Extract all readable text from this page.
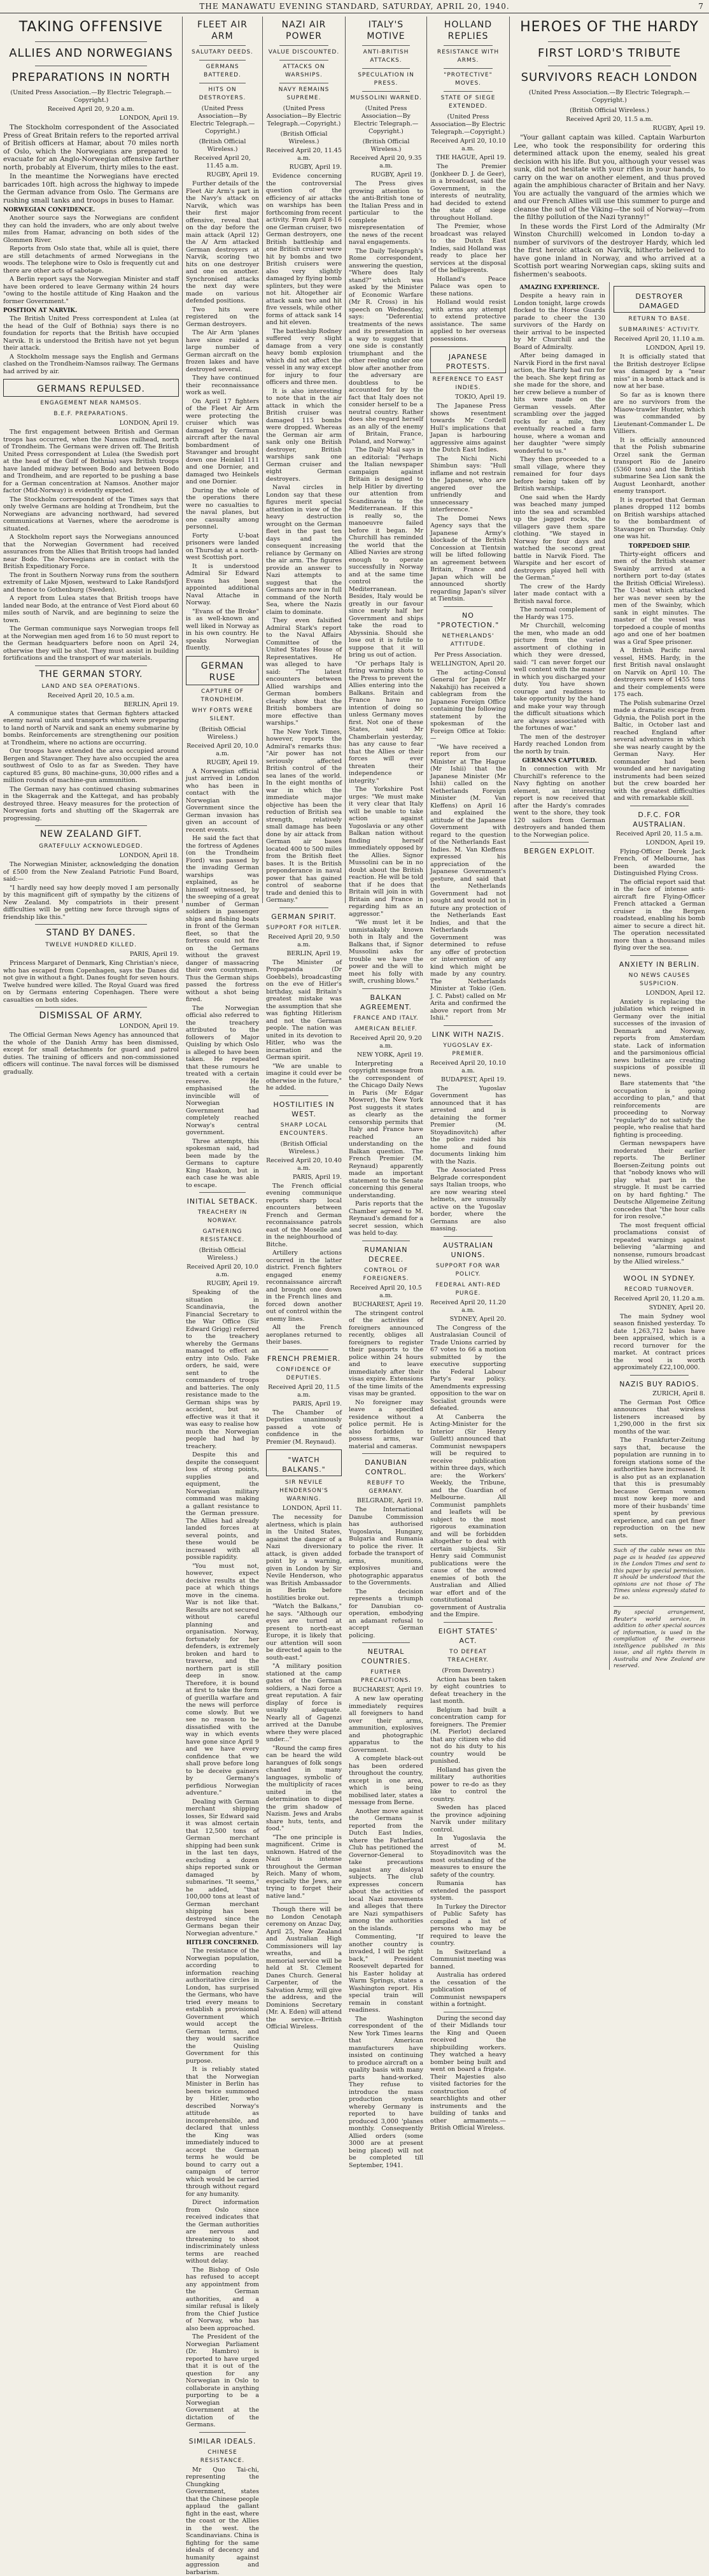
THE MANAWATU EVENING STANDARD, SATURDAY, APRIL 20, 1940.	7
TAKING OFFENSIVE
ALLIES AND NORWEGIANS
PREPARATIONS IN NORTH
(United Press Association.—By Electric Telegraph.—Copyright.)
Received April 20, 9.20 a.m.
LONDON, April 19.

The Stockholm correspondent of the Associated Press of Great Britain refers to the reported arrival of British officers at Hamar, about 70 miles north of Oslo, which the Norwegians are prepared to evacuate for an Anglo-Norwegian offensive farther north, probably at Elverum, thirty miles to the east.

In the meantime the Norwegians have erected barricades 10ft. high across the highway to impede the German advance from Oslo. The Germans are rushing small tanks and troops in buses to Hamar.

NORWEGIAN CONFIDENCE.

Another source says the Norwegians are confident they can hold the invaders, who are only about twelve miles from Hamar, advancing on both sides of the Glommen River.

Reports from Oslo state that, while all is quiet, there are still detachments of armed Norwegians in the woods. The telephone wire to Oslo is frequently cut and there are other acts of sabotage.

A Berlin report says the Norwegian Minister and staff have been ordered to leave Germany within 24 hours "owing to the hostile attitude of King Haakon and the former Government."

POSITION AT NARVIK.

The British United Press correspondent at Lulea (at the head of the Gulf of Bothnia) says there is no foundation for reports that the British have occupied Narvik. It is understood the British have not yet begun their attack.

A Stockholm message says the English and Germans clashed on the Trondheim-Namsos railway. The Germans had arrived by air.

GERMANS REPULSED.
ENGAGEMENT NEAR NAMSOS.
B.E.F. PREPARATIONS.
LONDON, April 19.

The first engagement between British and German troops has occurred, when the Namsos railhead, north of Trondheim. The Germans were driven off. The British United Press correspondent at Lulea (the Swedish port at the head of the Gulf of Bothnia) says British troops have landed midway between Bodo and between Bodo and Trondheim, and are reported to be pushing a base for a German concentration at Namsos. Another major factor (Mid-Norway) is evidently expected.

The Stockholm correspondent of the Times says that only twelve Germans are holding at Trondheim, but the Norwegians are advancing northward, had severed communications at Vaernes, where the aerodrome is situated.

A Stockholm report says the Norwegians announced that the Norwegian Government had received assurances from the Allies that British troops had landed near Bodo. The Norwegians are in contact with the British Expeditionary Force.

The front in Southern Norway runs from the southern extremity of Lake Mjosen, westward to Lake Randsfjord and thence to Gothenburg (Sweden).

A report from Lulea states that British troops have landed near Bodo, at the entrance of Vest Fiord about 60 miles south of Narvik, and are beginning to seize the town.

The German communique says Norwegian troops fell at the Norwegian men aged from 16 to 50 must report to the German headquarters before noon on April 24, otherwise they will be shot. They must assist in building fortifications and the transport of war materials.

THE GERMAN STORY.
LAND AND SEA OPERATIONS.
Received April 20, 10.5 a.m.
BERLIN, April 19.

A communique states that German fighters attacked enemy naval units and transports which were preparing to land north of Narvik and sank an enemy submarine by bombs. Reinforcements are strengthening our position at Trondheim, where no actions are occurring.

Our troops have extended the area occupied around Bergen and Stavanger. They have also occupied the area southwest of Oslo to as far as Sweden. They have captured 85 guns, 80 machine-guns, 30,000 rifles and a million rounds of machine-gun ammunition.

The German navy has continued chasing submarines in the Skagerrak and the Kattegat, and has probably destroyed three. Heavy measures for the protection of Norwegian forts and shutting off the Skagerrak are progressing.

NEW ZEALAND GIFT.
GRATEFULLY ACKNOWLEDGED.
LONDON, April 18.

The Norwegian Minister, acknowledging the donation of £500 from the New Zealand Patriotic Fund Board, said:—

"I hardly need say how deeply moved I am personally by this magnificent gift of sympathy by the citizens of New Zealand. My compatriots in their present difficulties will be getting new force through signs of friendship like this."

STAND BY DANES.
TWELVE HUNDRED KILLED.
PARIS, April 19.

Princess Margaret of Denmark, King Christian's niece, who has escaped from Copenhagen, says the Danes did not give in without a fight. Danes fought for seven hours. Twelve hundred were killed. The Royal Guard was fired on by Germans entering Copenhagen. There were casualties on both sides.

DISMISSAL OF ARMY.
LONDON, April 19.

The Official German News Agency has announced that the whole of the Danish Army has been dismissed, except for small detachments for guard and patrol duties. The training of officers and non-commissioned officers will continue. The naval forces will be dismissed gradually.

FLEET AIR ARM
SALUTARY DEEDS.
GERMANS BATTERED.
HITS ON DESTROYERS.
(United Press Association—By Electric Telegraph.—Copyright.)
(British Official Wireless.)
Received April 20, 11.45 a.m.
RUGBY, April 19.

Further details of the Fleet Air Arm's part in the Navy's attack on Narvik, which was their first major offensive, reveal that on the day before the main attack (April 12) the A/ Arm attacked German destroyers at Narvik, scoring two hits on one destroyer and one on another. Synchronised attacks the next day were made on various defended positions.

Two hits were registered on the German destroyers.

The Air Arm 'planes have since raided a large number of German aircraft on the frozen lakes and have destroyed several.

They have continued their reconnaissance work as well.

On April 17 fighters of the Fleet Air Arm were protecting the cruiser which was damaged by German aircraft after the naval bombardment of Stavanger and brought down one Heinkel 111 and one Dornier, and damaged two Heinkels and one Dornier.

During the whole of the operations there were no casualties to the naval planes, but one casualty among personnel.

Forty U-boat prisoners were landed on Thursday at a north-west Scottish port.

It is understood Admiral Sir Edward Evans has been appointed additional Naval Attache in Norway.

"Evans of the Broke" is as well-known and well liked in Norway as in his own country. He speaks Norwegian fluently.

GERMAN RUSE
CAPTURE OF TRONDHEIM.
WHY FORTS WERE SILENT.
(British Official Wireless.)
Received April 20, 10.0 a.m.
RUGBY, April 19.

A Norwegian official just arrived in London who has been in contact with the Norwegian Government since the German invasion has given an account of recent events.

He said the fact that the fortress of Agdenes (on the Trondheim Fiord) was passed by the invading German warships was explained, as he himself witnessed, by the sweeping of a great number of German soldiers in passenger ships and fishing boats in front of the German fleet, so that the fortress could not fire on the Germans without the gravest danger of massacring their own countrymen. Thus the German ships passed the fortress without a shot being fired.

The Norwegian official also referred to the treachery attributed to the followers of Major Quisling by which Oslo is alleged to have been taken. He repeated that these rumours he treated with a certain reserve. He emphasised the invincible will of Norwegian Government had completely reached Norway's central government.

Three attempts, this spokesman said, had been made by the Germans to capture King Haakon, but in each case he was able to escape.

INITIAL SETBACK.
TREACHERY IN NORWAY.
GATHERING RESISTANCE.
(British Official Wireless.)
Received April 20, 10.0 a.m.
RUGBY, April 19.

Speaking of the situation in Scandinavia, the Financial Secretary to the War Office (Sir Edward Grigg) referred to the treachery whereby the Germans managed to effect an entry into Oslo. Fake orders, he said, were sent to the commanders of troops and batteries. The only resistance made to the German ships was by accident, but so effective was it that it was easy to realise how much the Norwegian people had had by treachery.

Despite this and despite the consequent loss of strong points, supplies and equipment, the Norwegian military command was making a gallant resistance to the German pressure. The Allies had already landed forces at several points, and these would be increased with all possible rapidity.

"You must not, however, expect decisive results at the pace at which things move in the cinema. War is not like that. Results are not secured without careful planning and organisation. Norway, fortunately for her defenders, is extremely broken and hard to traverse, and the northern part is still deep in snow. Therefore, it is bound at first to take the form of guerilla warfare and the news will perforce come slowly. But we see no reason to be dissatisfied with the way in which events have gone since April 9 and we have every confidence that we shall prove before long to be deceive gainers by Germany's perfidious Norwegian adventure."

Dealing with German merchant shipping losses, Sir Edward said it was almost certain that 12,500 tons of German merchant shipping had been sunk in the last ten days, excluding a dozen ships reported sunk or damaged by submarines. "It seems," he added, "that 100,000 tons at least of German merchant shipping has been destroyed since the Germans began their Norwegian adventure."

HITLER CONCERNED.

The resistance of the Norwegian population, according to information reaching authoritative circles in London, has surprised the Germans, who have tried every means to establish a provisional Government which would accept the German terms, and they would sacrifice the Quisling Government for this purpose.

It is reliably stated that the Norwegian Minister in Berlin has been twice summoned by Hitler, who described Norway's attitude as incomprehensible, and declared that unless the King was immediately induced to accept the German terms he would be bound to carry out a campaign of terror which would be carried through without regard for any humanity.

Direct information from Oslo since received indicates that the German authorities are nervous and threatening to shoot indiscriminately unless terms are reached without delay.

The Bishop of Oslo has refused to accept any appointment from the German authorities, and a similar refusal is likely from the Chief Justice of Norway, who has also been approached.

The President of the Norwegian Parliament (Dr. Hambro) is reported to have urged that it is out of the question for any Norwegian in Oslo to collaborate in anything purporting to be a Norwegian Government at the dictation of the Germans.

SIMILAR IDEALS.
CHINESE RESISTANCE.

Mr Quo Tai-chi, representing the Chungking Government, states that the Chinese people applaud the gallant fight in the east, where the coast or the Allies in the west. the Scandinavians. China is fighting for the same ideals of decency and humanity against aggression and barbarism.

NAZI AIR POWER
VALUE DISCOUNTED.
ATTACKS ON WARSHIPS.
NAVY REMAINS SUPREME.
(United Press Association—By Electric Telegraph.—Copyright.)
(British Official Wireless.)
Received April 20, 11.45 a.m.
RUGBY, April 19.

Evidence concerning the controversial question of the efficiency of air attacks on warships has been forthcoming from recent activity. From April 8-16 one German cruiser, two German destroyers, one British battleship and one British cruiser were hit by bombs and two British cruisers were also very slightly damaged by flying bomb splinters, but they were not hit. Altogether air attack sank two and hit five vessels, while other forms of attack sank 14 and hit eleven.

The battleship Rodney suffered very slight damage from a very heavy bomb explosion which did not affect the vessel in any way except for injury to four officers and three men.

It is also interesting to note that in the air attack in which the British cruiser was damaged 115 bombs were dropped. Whereas the German air arm sank only one British destroyer, British warships sank one German cruiser and eight German destroyers.

Naval circles in London say that these figures merit special attention in view of the heavy destruction wrought on the German fleet in the past ten days and the consequent increasing reliance by Germany on the air arm. The figures provide an answer to Nazi attempts to suggest that the Germans are now in full command of the North Sea, where the Nazis claim to dominate.

They even falsified Admiral Stark's report to the Naval Affairs Committee of the United States House of Representatives. He was alleged to have said: "The latest encounters between Allied warships and German bombers clearly show that the British bombers are more effective than warships."

The New York Times, however, reports the Admiral's remarks thus: "Air power has not seriously affected British control of the sea lanes of the world. In the eight months of war in which the immediate major objective has been the reduction of British sea strength, relatively small damage has been done by air attack from German air bases located 400 to 500 miles from the British fleet bases. It is the British preponderance in naval power that has gained control of seaborne trade and denied this to Germany."

GERMAN SPIRIT.
SUPPORT FOR HITLER.
Received April 20, 9.50 a.m.
BERLIN, April 19.

The Minister of Propaganda (Dr Goebbels), broadcasting on the eve of Hitler's birthday, said Britain's greatest mistake was the assumption that she was fighting Hitlerism and not the German people. The nation was united in its devotion to Hitler, who was the incarnation and the German spirit.

"We are unable to imagine it could ever be otherwise in the future," he added.

HOSTILITIES IN WEST.
SHARP LOCAL ENCOUNTERS.
(British Official Wireless.)
Received April 20, 10.40 a.m.
PARIS, April 19.

The French official evening communique reports sharp local encounters between French and German reconnaissance patrols east of the Moselle and in the neighbourhood of Bitche.

Artillery actions occurred in the latter district. French fighters engaged enemy reconnaissance aircraft and brought one down in the French lines and forced down another out of control within the enemy lines.

All the French aeroplanes returned to their bases.

FRENCH PREMIER.
CONFIDENCE OF DEPUTIES.
Received April 20, 11.5 a.m.
PARIS, April 19.

The Chamber of Deputies unanimously passed a vote of confidence in the Premier (M. Reynaud).

"WATCH BALKANS."
SIR NEVILE HENDERSON'S WARNING.
LONDON, April 11.

The necessity for alertness, which is plain in the United States, against the danger of a Nazi diversionary attack, is given added point by a warning, given in London by Sir Nevile Henderson, who was British Ambassador in Berlin before hostilities broke out.

"Watch the Balkans," he says. "Although our eyes are turned at present to north-east Europe, it is likely that our attention will soon be directed again to the south-east."

"A military position stationed at the camp gates of the German soldiers, a Nazi force a great reputation. A fair display of force is usually adequate. Nearly all of Gagenzi arrived at the Danube where they were placed under..."

"Round the camp fires can be heard the wild harangues of folk songs chanted in many languages, symbolic of the multiplicity of races united in the determination to dispel the grim shadow of Nazism. Jews and Arabs share huts, tents, and food."

"The one principle is magnificent. Crime is unknown. Hatred of the Nazi is intense throughout the German Reich. Many of whom, especially the Jews, are trying to forget their native land."

Though there will be no London Cenotaph ceremony on Anzac Day, April 25, New Zealand and Australian High Commissioners will lay wreaths, and a memorial service will be held at St. Clement Danes Church. General Carpenter, of the Salvation Army, will give the address, and the Dominions Secretary (Mr. A. Eden) will attend the service.—British Official Wireless.

ITALY'S MOTIVE
ANTI-BRITISH ATTACKS.
SPECULATION IN PRESS.
MUSSOLINI WARNED.
(United Press Association—By Electric Telegraph.—Copyright.)
(British Official Wireless.)
Received April 20, 9.35 a.m.
RUGBY, April 19.

The Press gives growing attention to the anti-British tone of the Italian Press and in particular to the complete misrepresentation of the news of the recent naval engagements.

The Daily Telegraph's Rome correspondent, answering the question, "Where does Italy stand?" which was asked by the Minister of Economic Warfare (Mr R. Cross) in his speech on Wednesday, says: "Deferential treatments of the news and its presentation in a way to suggest that one side is constantly triumphant and the other reeling under one blow after another from the adversary are doubtless to be accounted for by the fact that Italy does not consider herself to be a neutral country. Rather does she regard herself as an ally of the enemy of Britain, France, Poland, and Norway."

The Daily Mail says in an editorial: "Perhaps the Italian newspaper campaign against Britain is designed to help Hitler by diverting our attention from Scandinavia to the Mediterranean. If this is really so, the manoeuvre failed before it began. Mr Churchill has reminded the world that the Allied Navies are strong enough to operate successfully in Norway and at the same time control the Mediterranean. Besides, Italy would be greatly in our favour since nearly half her Government and ships take the road to Abyssinia. Should she lose out it is futile to suppose that it will bring us out of action.

"Or perhaps Italy is firing warning shots to the Press to prevent the Allies entering into the Balkans. Britain and France have no intention of doing so unless Germany moves first. Not one of these States, said Mr Chamberlain yesterday, has any cause to fear that the Allies or their forces will ever threaten their independence or integrity."

The Yorkshire Post urges: "We must make it very clear that Italy will be unable to take action against Yugoslavia or any other Balkan nation without finding herself immediately opposed by the Allies. Signor Mussolini can be in no doubt about the British reaction. He will be told that if he does that Britain will join in with Britain and France in regarding him as an aggressor."

"We must let it be unmistakably known both in Italy and the Balkans that, if Signor Mussolini asks for trouble we have the power and the will to meet his folly with swift, crushing blows."

BALKAN AGREEMENT.
FRANCE AND ITALY.
AMERICAN BELIEF.
Received April 20, 9.20 a.m.
NEW YORK, April 19.

Interpreting a copyright message from the correspondent of the Chicago Daily News in Paris (Mr Edgar Mowrer), the New York Post suggests it states as clearly as the censorship permits that Italy and France have reached an understanding on the Balkan question. The French Premier (M. Reynaud) apparently made an important statement to the Senate concerning this general understanding.

Paris reports that the Chamber agreed to M. Reynaud's demand for a secret session, which was held to-day.

RUMANIAN DECREE.
CONTROL OF FOREIGNERS.
Received April 20, 10.5 a.m.
BUCHAREST, April 19.

The stringent control of the activities of foreigners announced recently, obliges all foreigners to register their passports to the police within 24 hours and to leave immediately after their visas expire. Extensions of the time limits of the visas may be granted.

No foreigner may leave a specified residence without a police permit. He is also forbidden to possess arms, war material and cameras.

DANUBIAN CONTROL.
REBUFF TO GERMANY.
BELGRADE, April 19.

The International Danube Commission has authorised Yugoslavia, Hungary, Bulgaria and Rumania to police the river. It forbade the transport of arms, munitions, explosives and photographic apparatus to the Governments.

The decision represents a triumph for Danubian co-operation, embodying an adamant refusal to accept German policing.

NEUTRAL COUNTRIES.
FURTHER PRECAUTIONS.
BUCHAREST, April 19.

A new law operating immediately requires all foreigners to hand over their arms, ammunition, explosives and photographic apparatus to the Government.

A complete black-out has been ordered throughout the country, except in one area, which is being mobilised later, states a message from Berne.

Another move against the Germans is reported from the Dutch East Indies, where the Fatherland Club has petitioned the Governor-General to take precautions against any disloyal subjects. The club expresses concern about the activities of local Nazi movements and alleges that there are Nazi sympathisers among the authorities on the islands.

Commenting, "If another country is invaded, I will be right back," President Roosevelt departed for his Easter holiday at Warm Springs, states a Washington report. His special train will remain in constant readiness.

The Washington correspondent of the New York Times learns that American manufacturers have insisted on continuing to produce aircraft on a quality basis with many parts hand-worked. They refuse to introduce the mass production system whereby Germany is reported to have produced 3,000 'planes monthly. Consequently Allied orders (some 3000 are at present being placed) will not be completed till September, 1941.

HOLLAND REPLIES
RESISTANCE WITH ARMS.
"PROTECTIVE" MOVES.
STATE OF SIEGE EXTENDED.
(United Press Association—By Electric Telegraph.—Copyright.)
Received April 20, 10.10 a.m.
THE HAGUE, April 19.

The Premier (Jonkheer D. J. de Geer), in a broadcast, said the Government, in the interests of neutrality, had decided to extend the state of siege throughout Holland.

The Premier, whose broadcast was relayed to the Dutch East Indies, said Holland was ready to place her services at the disposal of the belligerents.

Holland's Peace Palace was open to these nations.

Holland would resist with arms any attempt to extend protective assistance. The same applied to her overseas possessions.

JAPANESE PROTESTS.
REFERENCE TO EAST INDIES.
TOKIO, April 19.

The Japanese Press shows resentment towards Mr Cordell Hull's implications that Japan is harbouring aggressive aims against the Dutch East Indies.

The Nichi Nichi Shimbun says: "Hull inflame and not restrain the Japanese, who are angered over the unfriendly and unnecessary interference."

The Domei News Agency says that the Japanese Army's blockade of the British Concession at Tientsin will be lifted following an agreement between Britain, France and Japan which will be announced shortly regarding Japan's silver at Tientsin.

NO "PROTECTION."
NETHERLANDS' ATTITUDE.
Per Press Association.
WELLINGTON, April 20.

The acting-Consul General for Japan (Mr Nakahiji) has received a cablegram from the Japanese Foreign Office containing the following statement by the spokesman of the Foreign Office at Tokio:—

"We have received a report from our Minister at The Hague (Mr Ishii) that the Japanese Minister (Mr Ishii) called on the Netherlands Foreign Minister (M. Van Kleffens) on April 16 and explained the attitude of the Japanese Government with regard to the question of the Netherlands East Indies. M. Van Kleffens expressed his appreciation of the Japanese Government's gesture, and said that the Netherlands Government had not sought and would not in future any protection of the Netherlands East Indies, and that the Netherlands Government was determined to refuse any offer of protection or intervention of any kind which might be made by any country. The Netherlands Minister at Tokio (Gen. J. C. Pabst) called on Mr Arita and confirmed the above report from Mr Ishii."

LINK WITH NAZIS.
YUGOSLAV EX-PREMIER.
Received April 20, 10.10 a.m.
BUDAPEST, April 19.

The Yugoslav Government has announced that it has arrested and is detaining the former Premier (M. Stoyadinovitch) after the police raided his home and found documents linking him with the Nazis.

The Associated Press Belgrade correspondent says Italian troops, who are now wearing steel helmets, are unusually active on the Yugoslav border, where the Germans are also massing.

AUSTRALIAN UNIONS.
SUPPORT FOR WAR POLICY.
FEDERAL ANTI-RED PURGE.
Received April 20, 11.20 a.m.
SYDNEY, April 20.

The Congress of the Australasian Council of Trade Unions carried by 67 votes to 66 a motion submitted by the executive supporting the Federal Labour Party's war policy. Amendments expressing opposition to the war on Socialist grounds were defeated.

At Canberra the Acting-Minister for the Interior (Sir Henry Gullett) announced that Communist newspapers will be required to receive publication within three days, which are: the Workers' Weekly, the Tribune, and the Guardian of Melbourne. All Communist pamphlets and leaflets will be subject to the most rigorous examination and will be forbidden altogether to deal with certain subjects. Sir Henry said Communist publications were the cause of the avowed enemies of both the Australian and Allied war effort and of the constitutional government of Australia and the Empire.

EIGHT STATES' ACT.
TO DEFEAT TREACHERY.
(From Daventry.)

Action has been taken by eight countries to defeat treachery in the last month.

Belgium had built a concentration camp for foreigners. The Premier (M. Pierlot) declared that any citizen who did not do his duty to his country would be punished.

Holland has given the military authorities power to re-do as they like to control the country.

Sweden has placed the province adjoining Narvik under military control.

In Yugoslavia the arrest of M. Stoyadinovitch was the most outstanding of the measures to ensure the safety of the country.

Rumania has extended the passport system.

In Turkey the Director of Public Safety has compiled a list of persons who may be required to leave the country.

In Switzerland a Communist meeting was banned.

Australia has ordered the cessation of the publication of Communist newspapers within a fortnight.

During the second day of their Midlands tour the King and Queen received the shipbuilding workers. They watched a heavy bomber being built and went on board a frigate. Their Majesties also visited factories for the construction of searchlights and other instruments and the building of tanks and other armaments.—British Official Wireless.

HEROES OF THE HARDY
FIRST LORD'S TRIBUTE
SURVIVORS REACH LONDON
(United Press Association.—By Electric Telegraph.—Copyright.)
(British Official Wireless.)
Received April 20, 11.5 a.m.
RUGBY, April 19.

"Your gallant captain was killed. Captain Warburton Lee, who took the responsibility for ordering this determined attack upon the enemy, sealed his great decision with his life. But you, although your vessel was sunk, did not hesitate with your rifles in your hands, to carry on the war on another element, and thus proved again the amphibious character of Britain and her Navy. You are actually the vanguard of the armies which we and our French Allies will use this summer to purge and cleanse the soil of the Viking—the soil of Norway—from the filthy pollution of the Nazi tyranny!"

In these words the First Lord of the Admiralty (Mr Winston Churchill) welcomed in London to-day a number of survivors of the destroyer Hardy, which led the first heroic attack on Narvik, hitherto believed to have gone inland in Norway, and who arrived at a Scottish port wearing Norwegian caps, skiing suits and fishermen's seaboots.

AMAZING EXPERIENCE.

Despite a heavy rain in London tonight, large crowds flocked to the Horse Guards parade to cheer the 130 survivors of the Hardy on their arrival to be inspected by Mr Churchill and the Board of Admiralty.

After being damaged in Narvik Fiord in the first naval action, the Hardy had run for the beach. She kept firing as she made for the shore, and her crew believe a number of hits were made on the German vessels. After scrambling over the jagged rocks for a mile, they eventually reached a farm house, where a woman and her daughter "were simply wonderful to us."

They then proceeded to a small village, where they remained for four days before being taken off by British warships.

One said when the Hardy was beached many jumped into the sea and scrambled up the jagged rocks, the villagers gave them spare clothing. "We stayed in Norway for four days and watched the second great battle in Narvik Fiord. The Warspite and her escort of destroyers played hell with the German."

The crew of the Hardy later made contact with a British naval force.

The normal complement of the Hardy was 175.

Mr Churchill, welcoming the men, who made an odd picture from the varied assortment of clothing in which they were dressed, said: "I can never forget our well content with the manner in which you discharged your duty. You have shown courage and readiness to take opportunity by the hand and make your way through the difficult situations which are always associated with the fortunes of war."

The men of the destroyer Hardy reached London from the north by train.

GERMANS CAPTURED.

In connection with Mr Churchill's reference to the Navy fighting on another element, an interesting report is now received that after the Hardy's comrades went to the shore, they took 120 sailors from German destroyers and handed them to the Norwegian police.

BERGEN EXPLOIT.
DESTROYER DAMAGED
RETURN TO BASE.
SUBMARINES' ACTIVITY.
Received April 20, 11.10 a.m.
LONDON, April 19.

It is officially stated that the British destroyer Eclipse was damaged by a "near miss" in a bomb attack and is now at her base.

So far as is known there are no survivors from the Miaow-trawler Hunter, which was commanded by Lieutenant-Commander L. De Villiers.

It is officially announced that the Polish submarine Orzel sank the German transport Rio de Janeiro (5360 tons) and the British submarine Sea Lion sank the August Leonhardt, another enemy transport.

It is reported that German planes dropped 112 bombs on British warships attached to the bombardment of Stavanger on Thursday. Only one was hit.

TORPEDOED SHIP.

Thirty-eight officers and men of the British steamer Swainby arrived at a northern port to-day (states the British Official Wireless). The U-boat which attacked her was never seen by the men of the Swainby, which sank in eight minutes. The master of the vessel was torpedoed a couple of months ago and one of her boatmen was a Graf Spee prisoner.

A British Pacific naval vessel, HMS. Hardy, in the first British naval onslaught on Narvik on April 10. The destroyers were of 1455 tons and their complements were 175 each.

The Polish submarine Orzel made a dramatic escape from Gdynia, the Polish port in the Baltic, in October last and reached England after several adventures in which she was nearly caught by the German Navy. Her commander had been wounded and her navigating instruments had been seized but the crew boarded her with the greatest difficulties and with remarkable skill.

D.F.C. FOR AUSTRALIAN.
Received April 20, 11.5 a.m.
LONDON, April 19.

Flying-Officer Derek Jack French, of Melbourne, has been awarded the Distinguished Flying Cross.

The official report said that in the face of intense anti-aircraft fire Flying-Officer French attacked a German cruiser in the Bergen roadstead, enabling his bomb aimer to secure a direct hit. The operation necessitated more than a thousand miles flying over the sea.

ANXIETY IN BERLIN.
NO NEWS CAUSES SUSPICION.
LONDON, April 12.

Anxiety is replacing the jubilation which reigned in Germany over the initial successes of the invasion of Denmark and Norway, reports from Amsterdam state. Lack of information and the parsimonious official news bulletins are creating suspicions of possible ill news.

Bare statements that "the occupation is going according to plan," and that reinforcements are proceeding to Norway "regularly" do not satisfy the people, who realise that hard fighting is proceeding.

German newspapers have moderated their earlier reports. The Berliner Boersen-Zeitung points out that "nobody knows who will play what part in the struggle. It must be carried on by hard fighting." The Deutsche Allgemeine Zeitung concedes that "the hour calls for iron resolve."

The most frequent official proclamations consist of repeated warnings against believing "alarming and nonsense, rumours broadcast by the Allied wireless."

WOOL IN SYDNEY.
RECORD TURNOVER.
Received April 20, 11.20 a.m.
SYDNEY, April 20.

The main Sydney wool season finished yesterday. To date 1,263,712 bales have been appraised, which is a record turnover for the market. At contract prices the wool is worth approximately £22,100,000.

NAZIS BUY RADIOS.
ZURICH, April 8.

The German Post Office announces that wireless listeners increased by 1,290,000 in the first six months of the war.

The Frankfurter-Zeitung says that, because the population are running in to foreign stations some of the authorities have increased. It is also put as an explanation that this is presumably because German women must now keep more and more of their husbands' time spent by previous experience, and can get finer reproduction on the new sets.

Such of the cable news on this page as is headed (as appeared in the London Times and sent to this paper by special permission. It should be understood that the opinions are not those of The Times unless expressly stated to be so.
By special arrangement, Reuter's world service, in addition to other special sources of information, is used in the compilation of the overseas intelligence published in this issue, and all rights therein in Australia and New Zealand are reserved.
